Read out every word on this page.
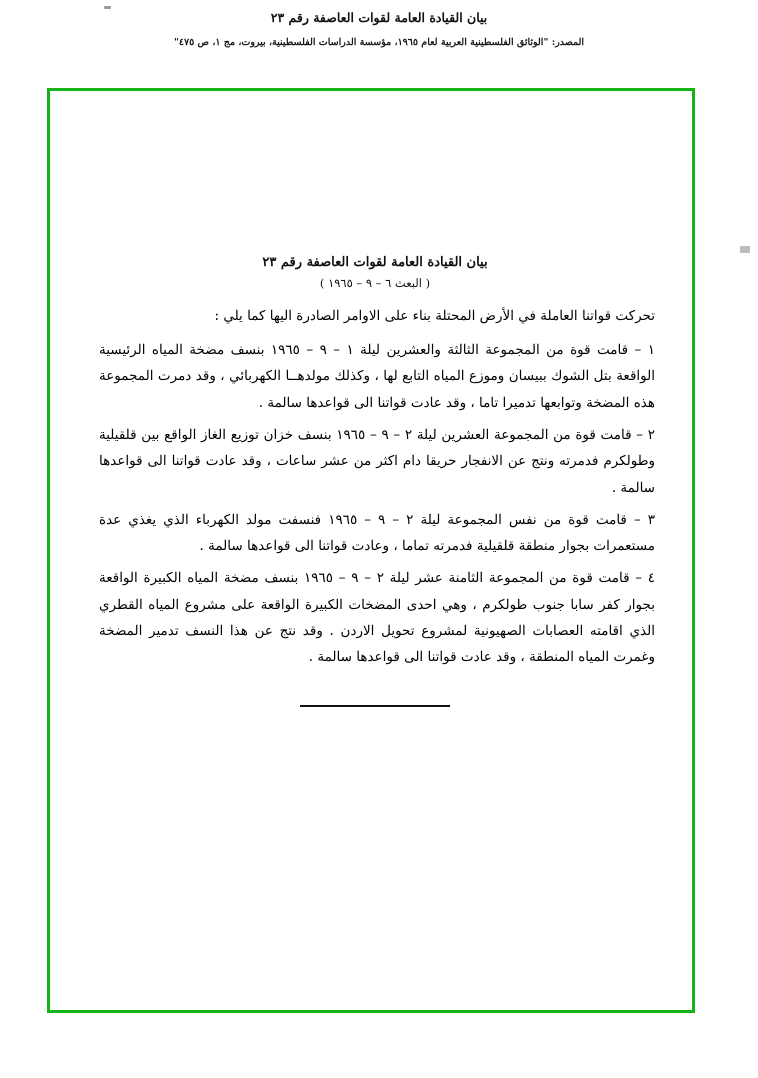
بيان القيادة العامة لقوات العاصفة رقم ٢٣

المصدر: "الوثائق الفلسطينية العربية لعام ١٩٦٥، مؤسسة الدراسات الفلسطينية، بيروت، مج ١، ص ٤٧٥"

بيان القيادة العامة لقوات العاصفة رقم ٢٣
( البعث ٦ – ٩ – ١٩٦٥ )

تحركت قواتنا العاملة في الأرض المحتلة بناء على الاوامر الصادرة اليها كما يلي :

١ – قامت قوة من المجموعة الثالثة والعشرين ليلة ١ – ٩ – ١٩٦٥ بنسف مضخة المياه الرئيسية الواقعة بتل الشوك ببيسان وموزع المياه التابع لها ، وكذلك مولدهــا الكهربائي ، وقد دمرت المجموعة هذه المضخة وتوابعها تدميرا تاما ، وقد عادت قواتنا الى قواعدها سالمة .

٢ – قامت قوة من المجموعة العشرين ليلة ٢ – ٩ – ١٩٦٥ بنسف خزان توزيع الغاز الواقع بين قلقيلية وطولكرم فدمرته ونتج عن الانفجار حريقا دام اكثر من عشر ساعات ، وقد عادت قواتنا الى قواعدها سالمة .

٣ – قامت قوة من نفس المجموعة ليلة ٢ – ٩ – ١٩٦٥ فنسفت مولد الكهرباء الذي يغذي عدة مستعمرات بجوار منطقة قلقيلية فدمرته تماما ، وعادت قواتنا الى قواعدها سالمة .

٤ – قامت قوة من المجموعة الثامنة عشر ليلة ٢ – ٩ – ١٩٦٥ بنسف مضخة المياه الكبيرة الواقعة بجوار كفر سابا جنوب طولكرم ، وهي احدى المضخات الكبيرة الواقعة على مشروع المياه القطري الذي اقامته العصابات الصهيونية لمشروع تحويل الاردن . وقد نتج عن هذا النسف تدمير المضخة وغمرت المياه المنطقة ، وقد عادت قواتنا الى قواعدها سالمة .
